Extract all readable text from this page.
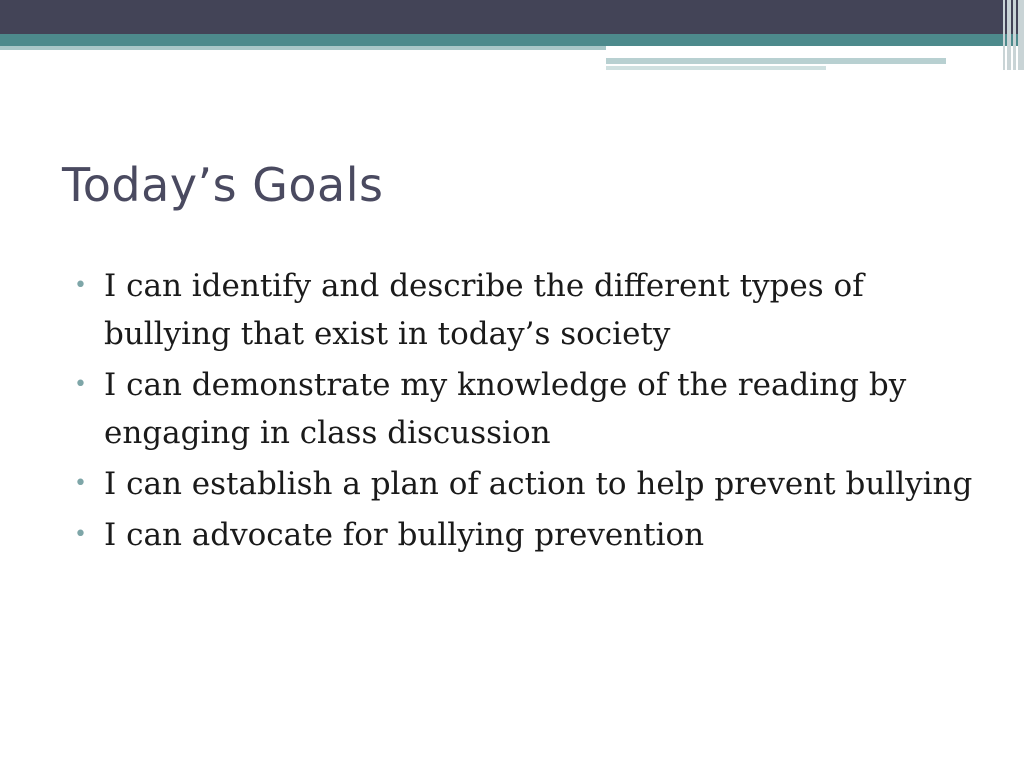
Today’s Goals
• I can identify and describe the different types of bullying that exist in today’s society
• I can demonstrate my knowledge of the reading by engaging in class discussion
• I can establish a plan of action to help prevent bullying
• I can advocate for bullying prevention
